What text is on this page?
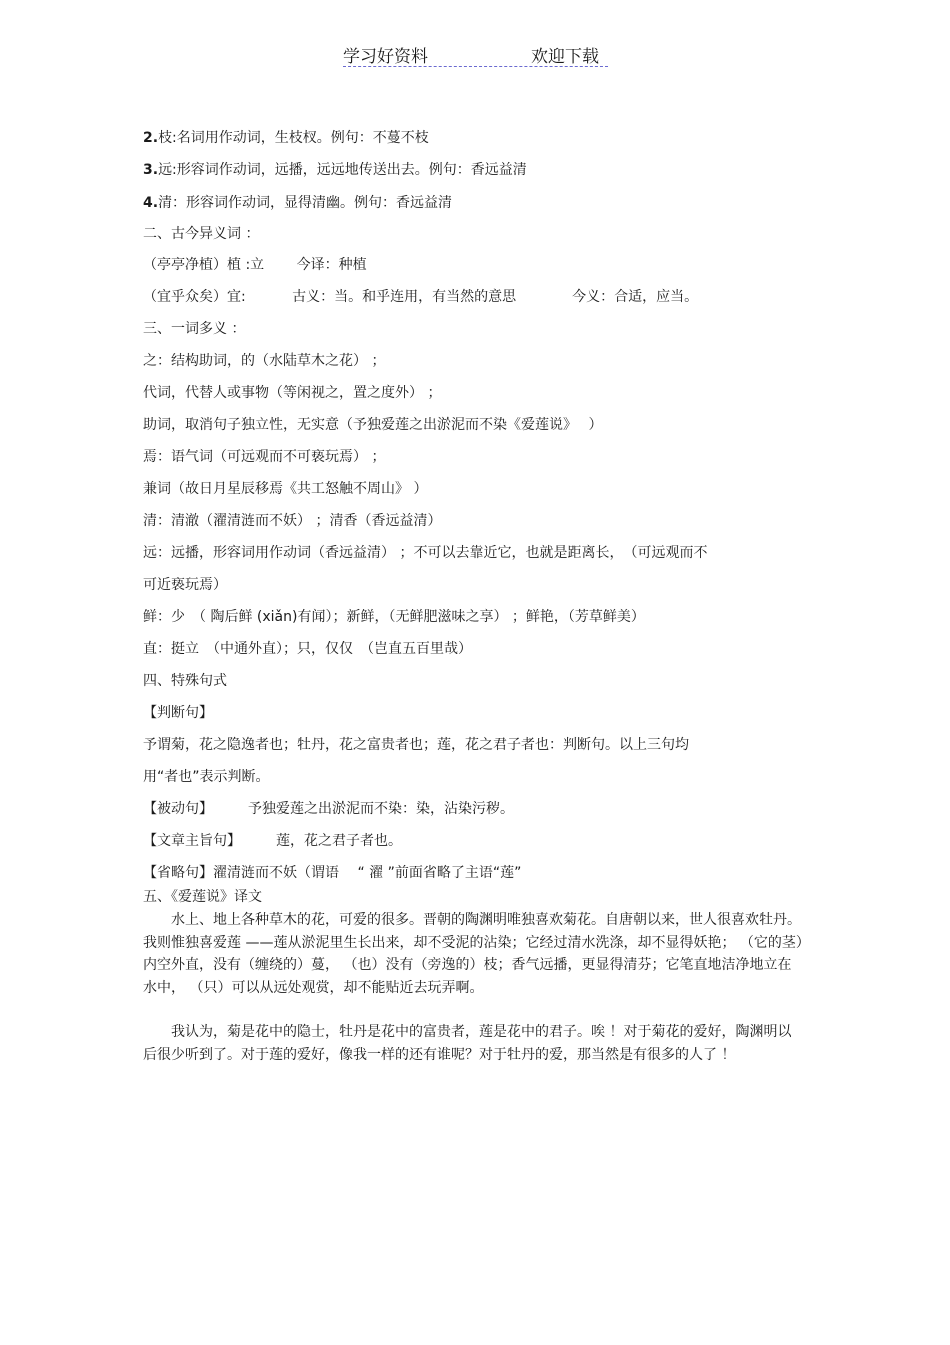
学习好资料	欢迎下载
2.枝:名词用作动词，生枝杈。例句：不蔓不枝
3.远:形容词作动词，远播，远远地传送出去。例句：香远益清
4.清：形容词作动词，显得清幽。例句：香远益清
二、古今异义词 ：
（亭亭净植）植 :立　　 今译：种植
（宜乎众矣）宜:　　　 古义：当。和乎连用，有当然的意思　　　　今义：合适，应当。
三、一词多义 ：
之：结构助词，的（水陆草木之花） ；
代词，代替人或事物（等闲视之，置之度外） ；
助词，取消句子独立性，无实意（予独爱莲之出淤泥而不染《爱莲说》　 ）
焉：语气词（可远观而不可亵玩焉） ；
兼词（故日月星辰移焉《共工怒触不周山》 ）
清：清澈（濯清涟而不妖） ；清香（香远益清）
远：远播，形容词用作动词（香远益清） ；不可以去靠近它，也就是距离长，　（可远观而不
可近亵玩焉）
鲜：少　（ 陶后鲜 (xiǎn)有闻）；新鲜，（无鲜肥滋味之享） ；鲜艳，（芳草鲜美）
直：挺立　（中通外直）；只，仅仅　（岂直五百里哉）
四、特殊句式
【判断句】
予谓菊，花之隐逸者也；牡丹，花之富贵者也；莲，花之君子者也：判断句。以上三句均
用“者也”表示判断。
【被动句】　　　予独爱莲之出淤泥而不染：染，沾染污秽。
【文章主旨句】　　　莲，花之君子者也。
【省略句】濯清涟而不妖（谓语 　“ 濯 ”前面省略了主语“莲”
五、《爱莲说》译文
　　水上、地上各种草木的花，可爱的很多。晋朝的陶渊明唯独喜欢菊花。自唐朝以来，世人很喜欢牡丹。我则惟独喜爱莲 ——莲从淤泥里生长出来，却不受泥的沾染；它经过清水洗涤，却不显得妖艳； （它的茎）内空外直，没有（缠绕的）蔓， （也）没有（旁逸的）枝；香气远播，更显得清芬；它笔直地洁净地立在水中， （只）可以从远处观赏，却不能贴近去玩弄啊。
　　我认为，菊是花中的隐士，牡丹是花中的富贵者，莲是花中的君子。唉 ！对于菊花的爱好，陶渊明以后很少听到了。对于莲的爱好，像我一样的还有谁呢？对于牡丹的爱，那当然是有很多的人了 ！
